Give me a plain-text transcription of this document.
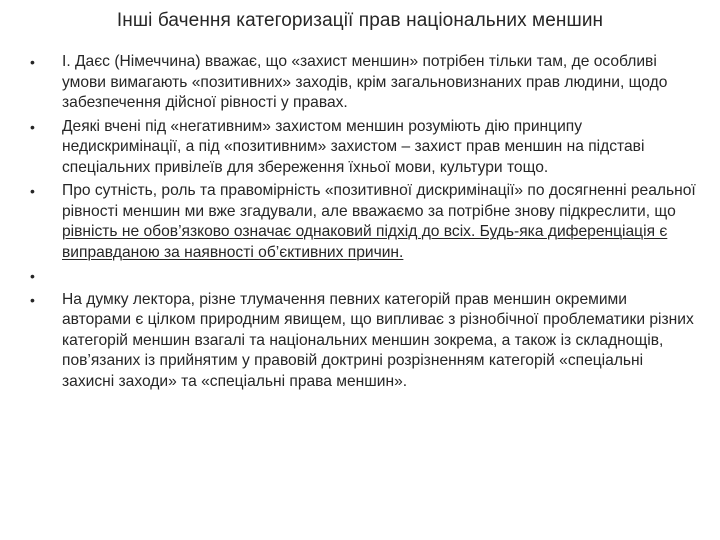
Інші бачення категоризації прав національних меншин
•	І. Даєс (Німеччина) вважає, що «захист меншин» потрібен тільки там, де особливі умови вимагають «позитивних» заходів, крім загальновизнаних прав людини, щодо забезпечення дійсної рівності у правах.
•	Деякі вчені під «негативним» захистом меншин розуміють дію принципу недискримінації, а під «позитивним» захистом – захист прав меншин на підставі спеціальних привілеїв для збереження їхньої мови, культури тощо.
•	Про сутність, роль та правомірність «позитивної дискримінації» по досягненні реальної рівності меншин ми вже згадували, але вважаємо за потрібне знову підкреслити, що рівність не обов’язково означає однаковий підхід до всіх. Будь-яка диференціація є виправданою за наявності об’єктивних причин.
•
•	На думку лектора, різне тлумачення певних категорій прав меншин окремими авторами є цілком природним явищем, що випливає з різнобічної проблематики різних категорій меншин взагалі та національних меншин зокрема, а також із складнощів, пов’язаних із прийнятим у правовій доктрині розрізненням категорій «спеціальні захисні заходи» та «спеціальні права меншин».
